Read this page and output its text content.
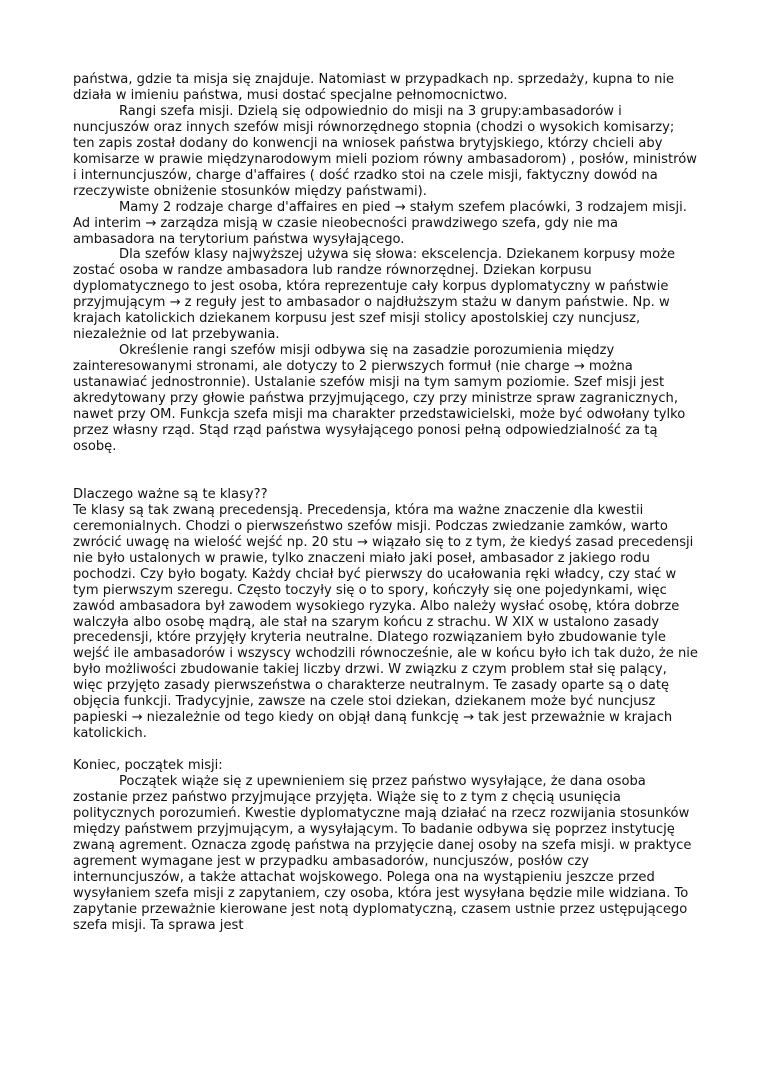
państwa, gdzie ta misja się znajduje. Natomiast w przypadkach np. sprzedaży, kupna to nie działa w imieniu państwa, musi dostać specjalne pełnomocnictwo.

Rangi szefa misji. Dzielą się odpowiednio do misji na 3 grupy:ambasadorów i nuncjuszów oraz innych szefów misji równorzędnego stopnia (chodzi o wysokich komisarzy; ten zapis został dodany do konwencji na wniosek państwa brytyjskiego, którzy chcieli aby komisarze w prawie międzynarodowym mieli poziom równy ambasadorom) , posłów, ministrów i internuncjuszów, charge d'affaires ( dość rzadko stoi na czele misji, faktyczny dowód na rzeczywiste obniżenie stosunków między państwami).

Mamy 2 rodzaje charge d'affaires en pied → stałym szefem placówki, 3 rodzajem misji. Ad interim → zarządza misją w czasie nieobecności prawdziwego szefa, gdy nie ma ambasadora na terytorium państwa wysyłającego.

Dla szefów klasy najwyższej używa się słowa: ekscelencja. Dziekanem korpusy może zostać osoba w randze ambasadora lub randze równorzędnej. Dziekan korpusu dyplomatycznego to jest osoba, która reprezentuje cały korpus dyplomatyczny w państwie przyjmującym → z reguły jest to ambasador o najdłuższym stażu w danym państwie. Np. w krajach katolickich dziekanem korpusu jest szef misji stolicy apostolskiej czy nuncjusz, niezależnie od lat przebywania.

Określenie rangi szefów misji odbywa się na zasadzie porozumienia między zainteresowanymi stronami, ale dotyczy to 2 pierwszych formuł (nie charge → można ustanawiać jednostronnie). Ustalanie szefów misji na tym samym poziomie. Szef misji jest akredytowany przy głowie państwa przyjmującego, czy przy ministrze spraw zagranicznych, nawet przy OM. Funkcja szefa misji ma charakter przedstawicielski, może być odwołany tylko przez własny rząd. Stąd rząd państwa wysyłającego ponosi pełną odpowiedzialność za tą osobę.

Dlaczego ważne są te klasy??

Te klasy są tak zwaną precedensją. Precedensja, która ma ważne znaczenie dla kwestii ceremonialnych. Chodzi o pierwszeństwo szefów misji. Podczas zwiedzanie zamków, warto zwrócić uwagę na wielość wejść np. 20 stu → wiązało się to z tym, że kiedyś zasad precedensji nie było ustalonych w prawie, tylko znaczeni miało jaki poseł, ambasador z jakiego rodu pochodzi. Czy było bogaty. Każdy chciał być pierwszy do ucałowania ręki władcy, czy stać w tym pierwszym szeregu. Często toczyły się o to spory, kończyły się one pojedynkami, więc zawód ambasadora był zawodem wysokiego ryzyka. Albo należy wysłać osobę, która dobrze walczyła albo osobę mądrą, ale stał na szarym końcu z strachu. W XIX w ustalono zasady precedensji, które przyjęły kryteria neutralne. Dlatego rozwiązaniem było zbudowanie tyle wejść ile ambasadorów i wszyscy wchodzili równocześnie, ale w końcu było ich tak dużo, że nie było możliwości zbudowanie takiej liczby drzwi. W związku z czym problem stał się palący, więc przyjęto zasady pierwszeństwa o charakterze neutralnym. Te zasady oparte są o datę objęcia funkcji. Tradycyjnie, zawsze na czele stoi dziekan, dziekanem może być nuncjusz papieski → niezależnie od tego kiedy on objął daną funkcję → tak jest przeważnie w krajach katolickich.

Koniec, początek misji:

Początek wiąże się z upewnieniem się przez państwo wysyłające, że dana osoba zostanie przez państwo przyjmujące przyjęta. Wiąże się to z tym z chęcią usunięcia politycznych porozumień. Kwestie dyplomatyczne mają działać na rzecz rozwijania stosunków między państwem przyjmującym, a wysyłającym. To badanie odbywa się poprzez instytucję zwaną agrement. Oznacza zgodę państwa na przyjęcie danej osoby na szefa misji. w praktyce agrement wymagane jest w przypadku ambasadorów, nuncjuszów, posłów czy internuncjuszów, a także attachat wojskowego. Polega ona na wystąpieniu jeszcze przed wysyłaniem szefa misji z zapytaniem, czy osoba, która jest wysyłana będzie mile widziana. To zapytanie przeważnie kierowane jest notą dyplomatyczną, czasem ustnie przez ustępującego szefa misji. Ta sprawa jest
